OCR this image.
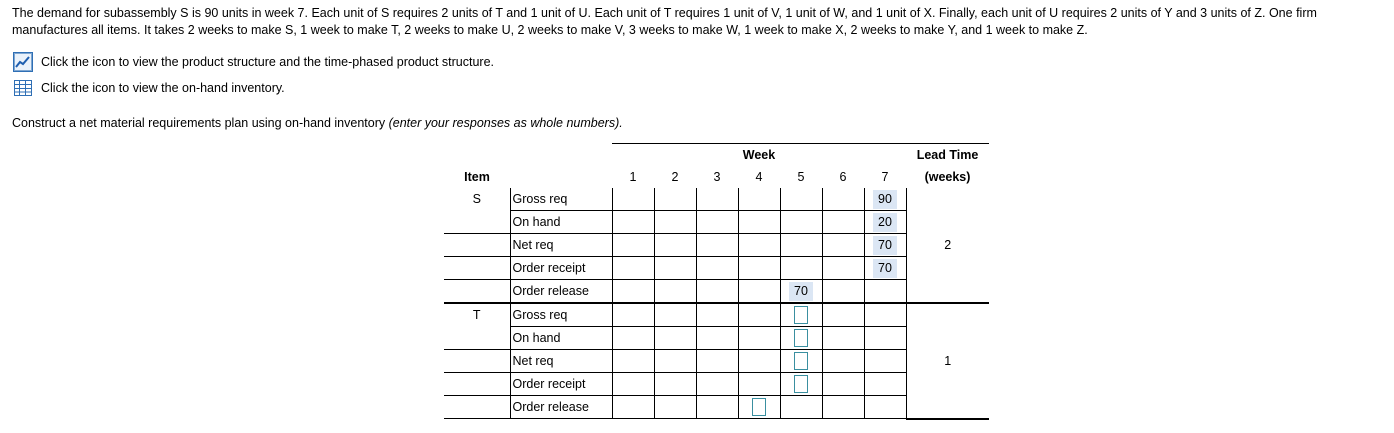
The demand for subassembly S is 90 units in week 7. Each unit of S requires 2 units of T and 1 unit of U. Each unit of T requires 1 unit of V, 1 unit of W, and 1 unit of X. Finally, each unit of U requires 2 units of Y and 3 units of Z. One firm manufactures all items. It takes 2 weeks to make S, 1 week to make T, 2 weeks to make U, 2 weeks to make V, 3 weeks to make W, 1 week to make X, 2 weeks to make Y, and 1 week to make Z.

Click the icon to view the product structure and the time-phased product structure.
Click the icon to view the on-hand inventory.

Construct a net material requirements plan using on-hand inventory (enter your responses as whole numbers).

		Week							Lead Time
Item		1	2	3	4	5	6	7	(weeks)
S	Gross req							90	2
	On hand							20	
	Net req							70	
	Order receipt							70	
	Order release					70			
T	Gross req								1
	On hand								
	Net req								
	Order receipt								
	Order release								
